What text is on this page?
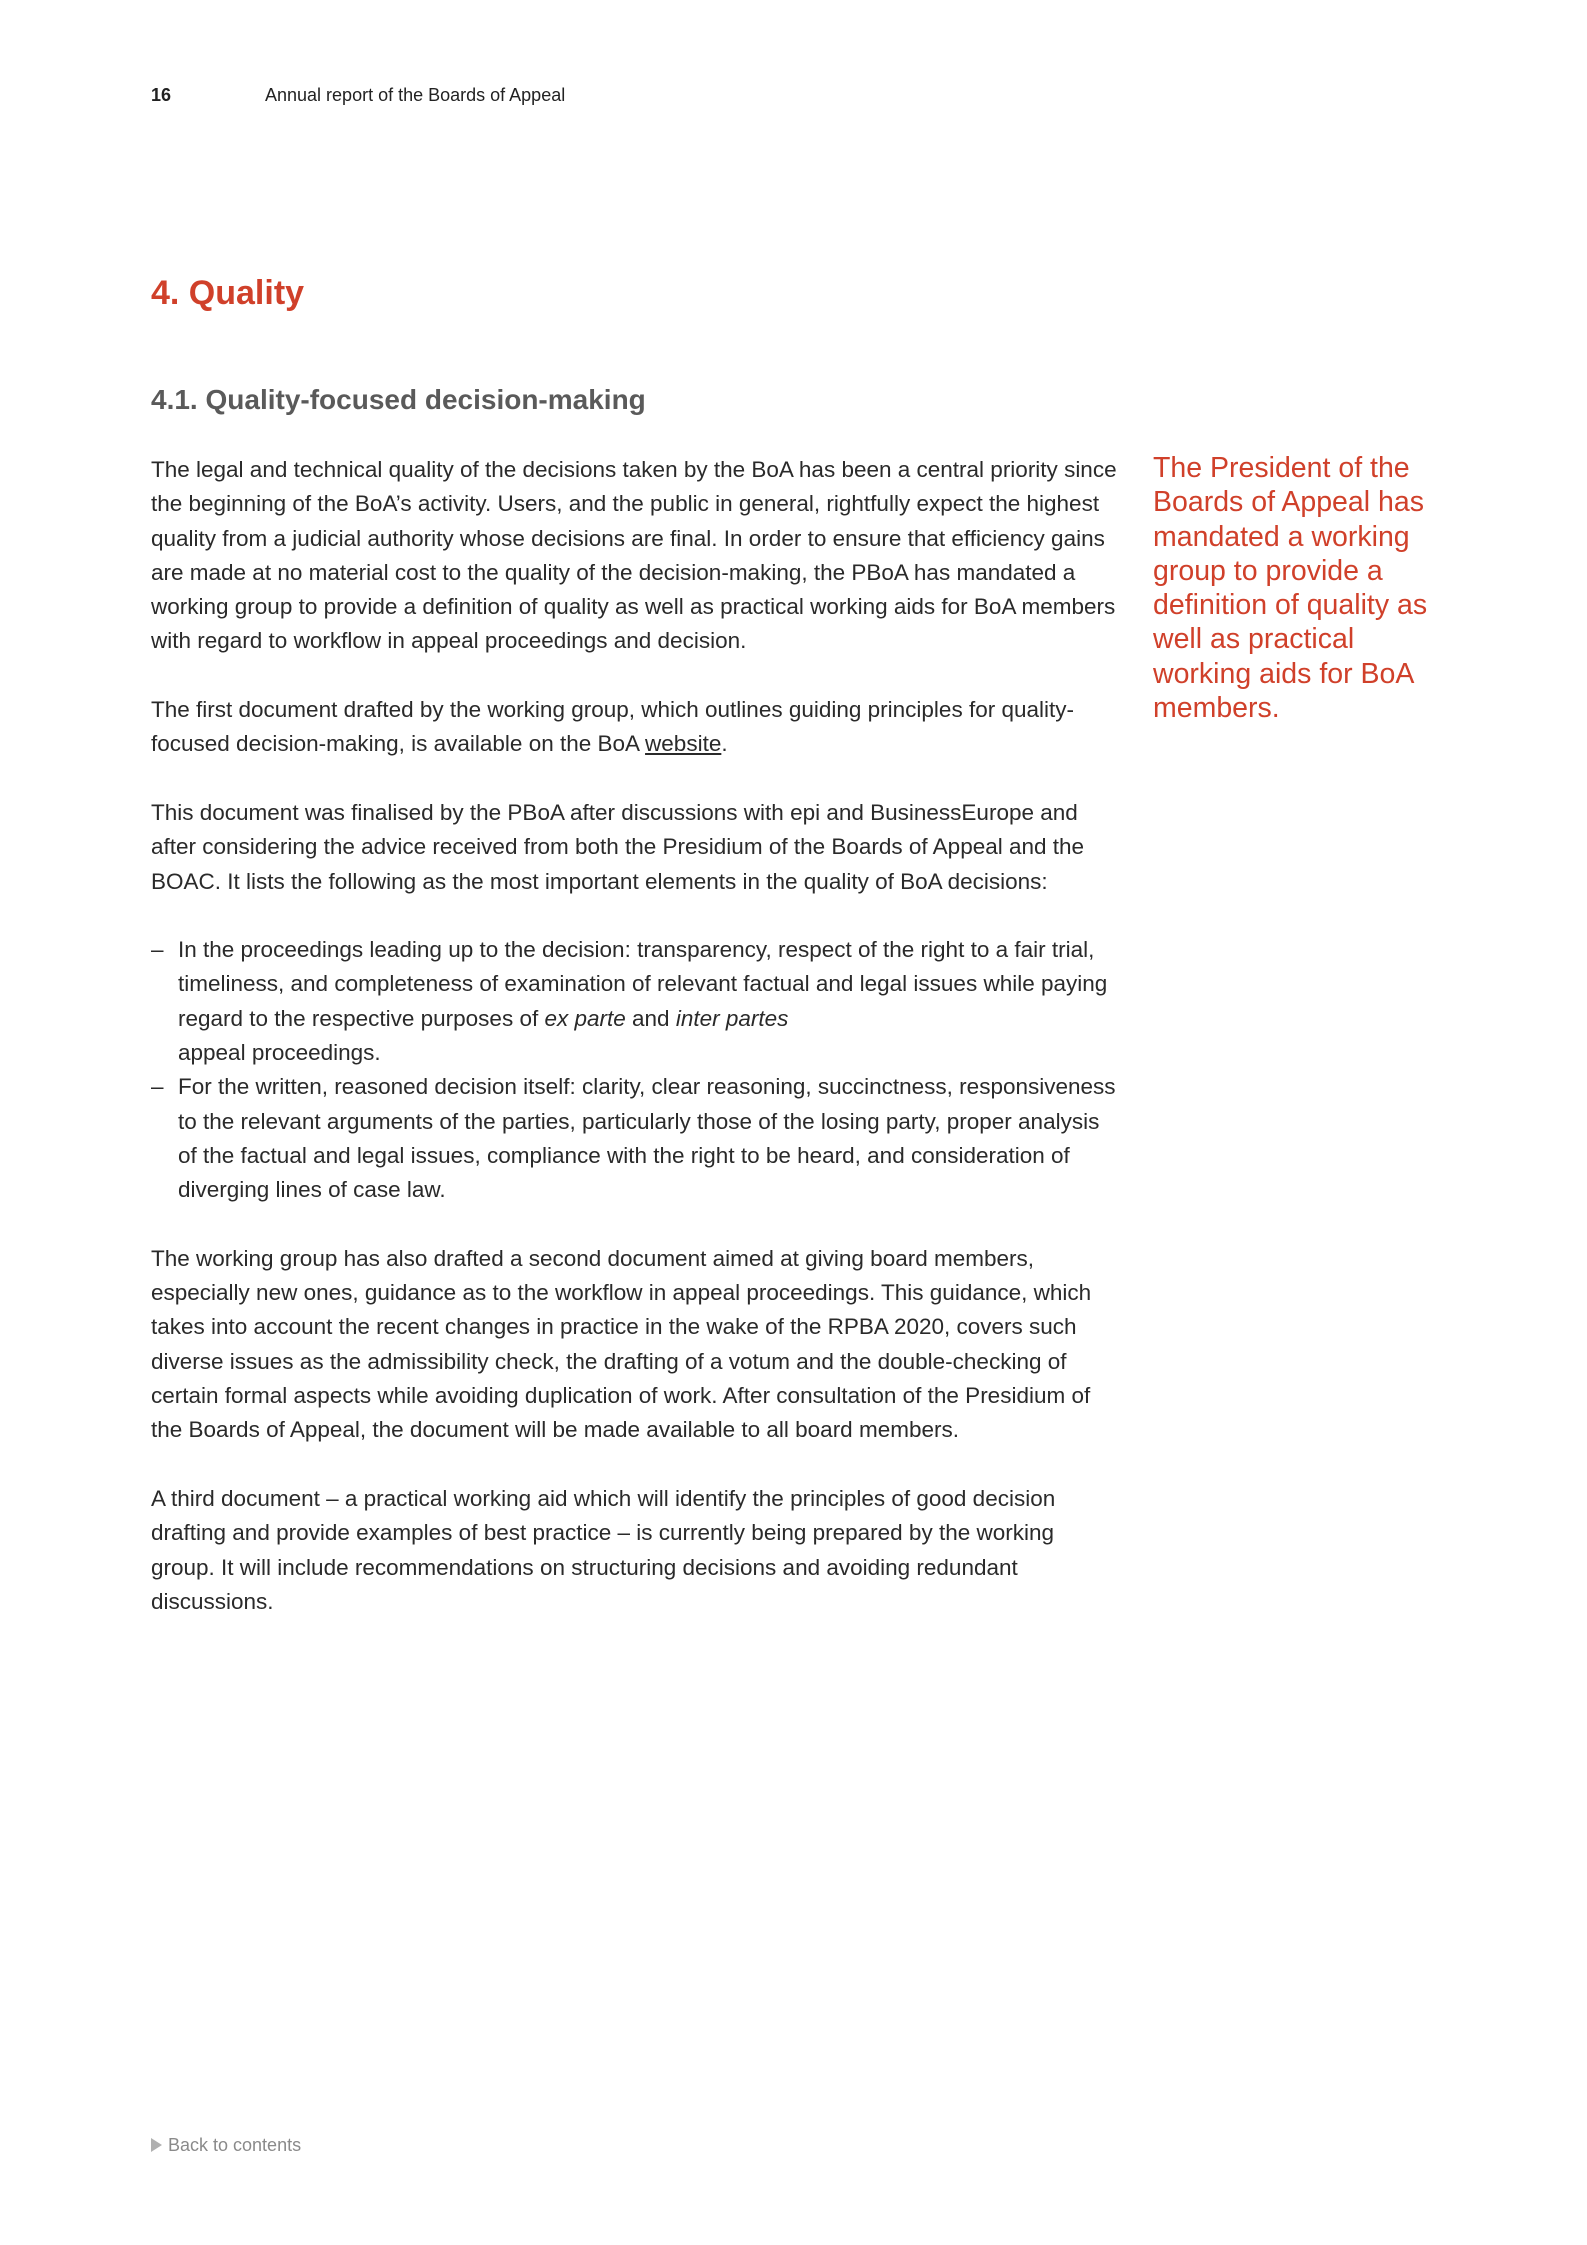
16	Annual report of the Boards of Appeal
4. Quality
4.1. Quality-focused decision-making

The legal and technical quality of the decisions taken by the BoA has been a central priority since the beginning of the BoA’s activity. Users, and the public in general, rightfully expect the highest quality from a judicial authority whose decisions are final. In order to ensure that efficiency gains are made at no material cost to the quality of the decision-making, the PBoA has mandated a working group to provide a definition of quality as well as practical working aids for BoA members with regard to workflow in appeal proceedings and decision.

The first document drafted by the working group, which outlines guiding principles for quality-focused decision-making, is available on the BoA website.

This document was finalised by the PBoA after discussions with epi and BusinessEurope and after considering the advice received from both the Presidium of the Boards of Appeal and the BOAC. It lists the following as the most important elements in the quality of BoA decisions:

– In the proceedings leading up to the decision: transparency, respect of the right to a fair trial, timeliness, and completeness of examination of relevant factual and legal issues while paying regard to the respective purposes of ex parte and inter partes
appeal proceedings.
– For the written, reasoned decision itself: clarity, clear reasoning, succinctness, responsiveness to the relevant arguments of the parties, particularly those of the losing party, proper analysis of the factual and legal issues, compliance with the right to be heard, and consideration of diverging lines of case law.

The working group has also drafted a second document aimed at giving board members, especially new ones, guidance as to the workflow in appeal proceedings. This guidance, which takes into account the recent changes in practice in the wake of the RPBA 2020, covers such diverse issues as the admissibility check, the drafting of a votum and the double-checking of certain formal aspects while avoiding duplication of work. After consultation of the Presidium of the Boards of Appeal, the document will be made available to all board members.

A third document – a practical working aid which will identify the principles of good decision drafting and provide examples of best practice – is currently being prepared by the working group. It will include recommendations on structuring decisions and avoiding redundant discussions.

The President of the Boards of Appeal has mandated a working group to provide a definition of quality as well as practical working aids for BoA members.

Back to contents
